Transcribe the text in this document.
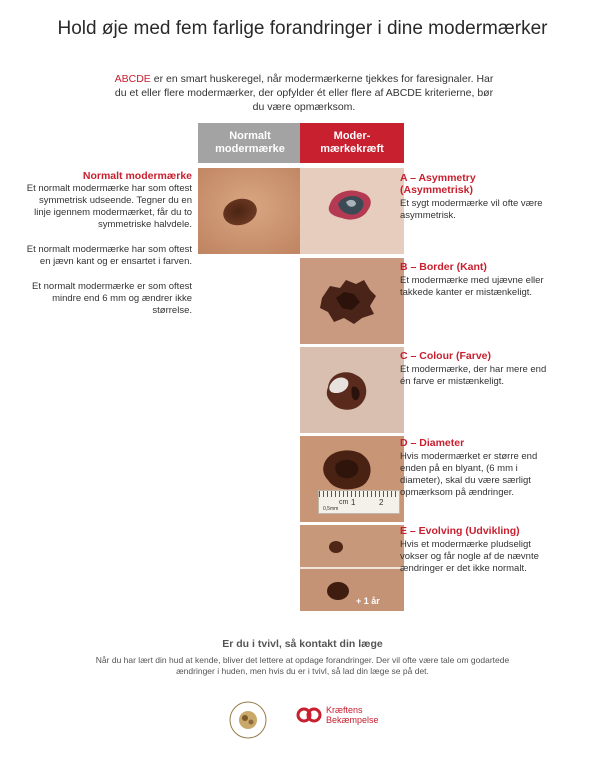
Hold øje med fem farlige forandringer i dine modermærker
ABCDE er en smart huskeregel, når modermærkerne tjekkes for faresignaler. Har du et eller flere modermærker, der opfylder ét eller flere af ABCDE kriterierne, bør du være opmærksom.
Normalt
modermærke
Moder-
mærkekræft
Normalt modermærke

Et normalt modermærke har som oftest symmetrisk udseende. Tegner du en linje igennem modermærket, får du to symmetriske halvdele.

Et normalt modermærke har som oftest en jævn kant og er ensartet i farven.

Et normalt modermærke er som oftest mindre end 6 mm og ændrer ikke størrelse.

cm 1	2
0,5mm
+ 1 år
A – Asymmetry (Asymmetrisk)
Et sygt modermærke vil ofte være asymmetrisk.
B – Border (Kant)
Et modermærke med ujævne eller takkede kanter er mistænkeligt.
C – Colour (Farve)
Et modermærke, der har mere end én farve er mistænkeligt.
D – Diameter
Hvis modermærket er større end enden på en blyant, (6 mm i diameter), skal du være særligt opmærksom på ændringer.
E – Evolving (Udvikling)
Hvis et modermærke pludseligt vokser og får nogle af de nævnte ændringer er det ikke normalt.
Er du i tvivl, så kontakt din læge
Når du har lært din hud at kende, bliver det lettere at opdage forandringer. Der vil ofte være tale om godartede ændringer i huden, men hvis du er i tvivl, så lad din læge se på det.
Kræftens
Bekæmpelse
